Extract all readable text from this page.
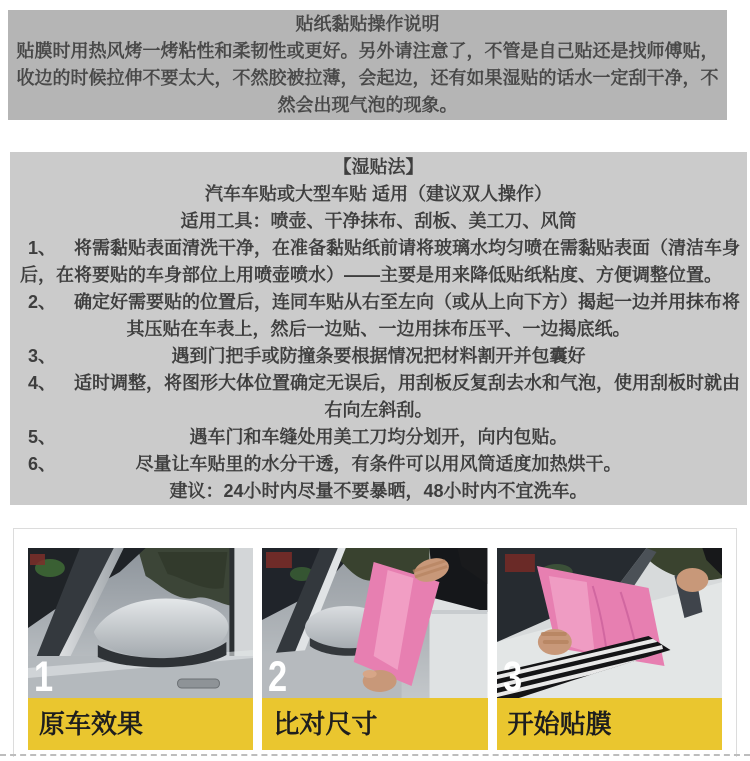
贴纸黏贴操作说明
贴膜时用热风烤一烤粘性和柔韧性或更好。另外请注意了，不管是自己贴还是找师傅贴，
收边的时候拉伸不要太大，不然胶被拉薄，会起边，还有如果湿贴的话水一定刮干净，不
然会出现气泡的现象。
【湿贴法】
汽车车贴或大型车贴 适用（建议双人操作）
适用工具：喷壶、干净抹布、刮板、美工刀、风筒
1、 将需黏贴表面清洗干净，在准备黏贴纸前请将玻璃水均匀喷在需黏贴表面（清洁车身
后，在将要贴的车身部位上用喷壶喷水）——主要是用来降低贴纸粘度、方便调整位置。
2、 确定好需要贴的位置后，连同车贴从右至左向（或从上向下方）揭起一边并用抹布将
其压贴在车表上，然后一边贴、一边用抹布压平、一边揭底纸。
3、	遇到门把手或防撞条要根据情况把材料割开并包囊好
4、 适时调整，将图形大体位置确定无误后，用刮板反复刮去水和气泡，使用刮板时就由
右向左斜刮。
5、	遇车门和车缝处用美工刀均分划开，向内包贴。
6、	尽量让车贴里的水分干透，有条件可以用风筒适度加热烘干。
建议：24小时内尽量不要暴晒，48小时内不宜洗车。
1
原车效果
2
比对尺寸
3
开始贴膜
